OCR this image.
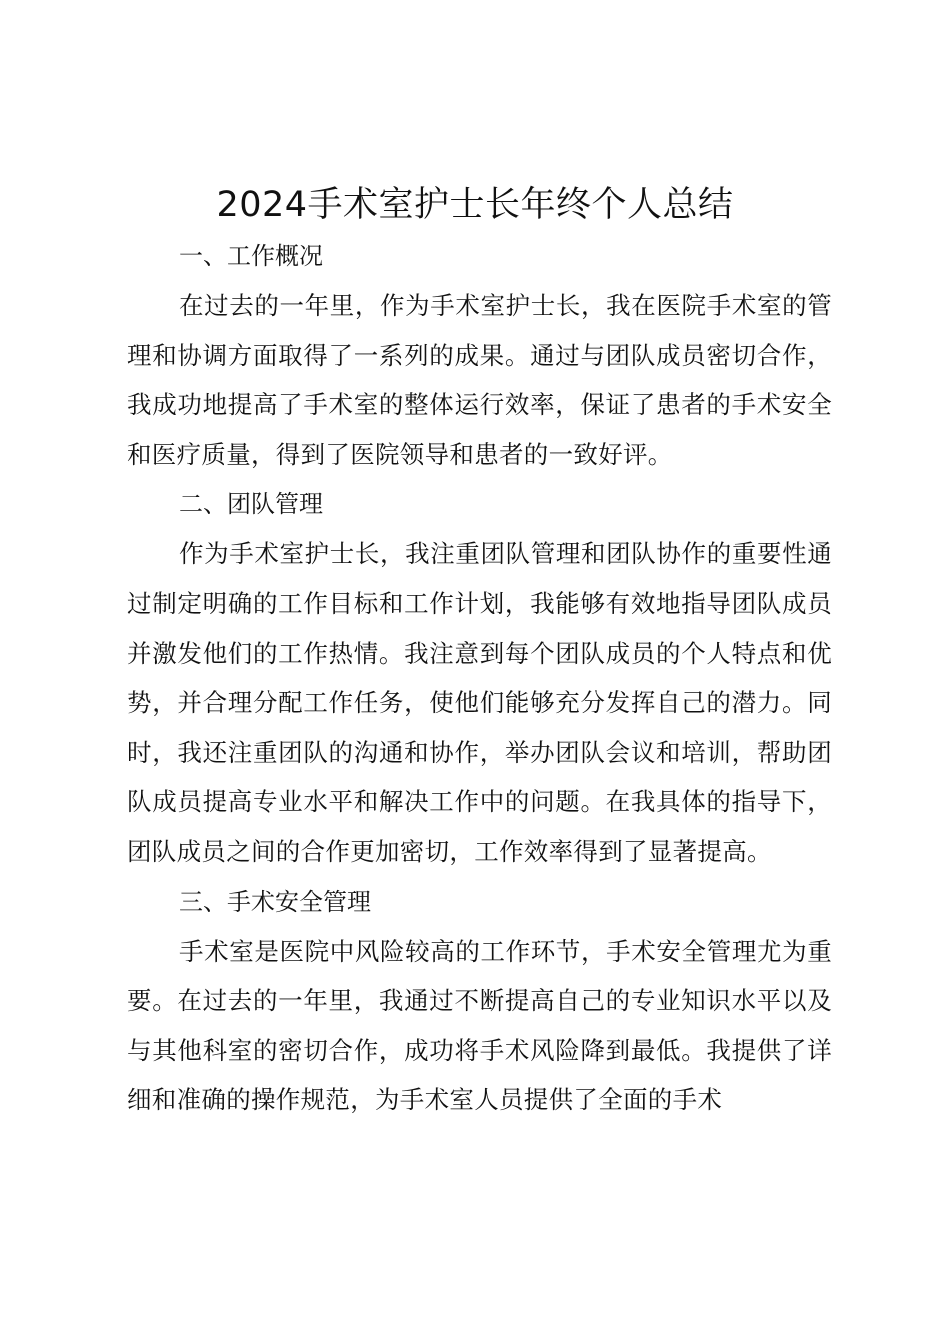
2024手术室护士长年终个人总结
一、工作概况

在过去的一年里，作为手术室护士长，我在医院手术室的管理和协调方面取得了一系列的成果。通过与团队成员密切合作，我成功地提高了手术室的整体运行效率，保证了患者的手术安全和医疗质量，得到了医院领导和患者的一致好评。

二、团队管理

作为手术室护士长，我注重团队管理和团队协作的重要性通过制定明确的工作目标和工作计划，我能够有效地指导团队成员并激发他们的工作热情。我注意到每个团队成员的个人特点和优势，并合理分配工作任务，使他们能够充分发挥自己的潜力。同时，我还注重团队的沟通和协作，举办团队会议和培训，帮助团队成员提高专业水平和解决工作中的问题。在我具体的指导下，团队成员之间的合作更加密切，工作效率得到了显著提高。

三、手术安全管理

手术室是医院中风险较高的工作环节，手术安全管理尤为重要。在过去的一年里，我通过不断提高自己的专业知识水平以及与其他科室的密切合作，成功将手术风险降到最低。我提供了详细和准确的操作规范，为手术室人员提供了全面的手术
